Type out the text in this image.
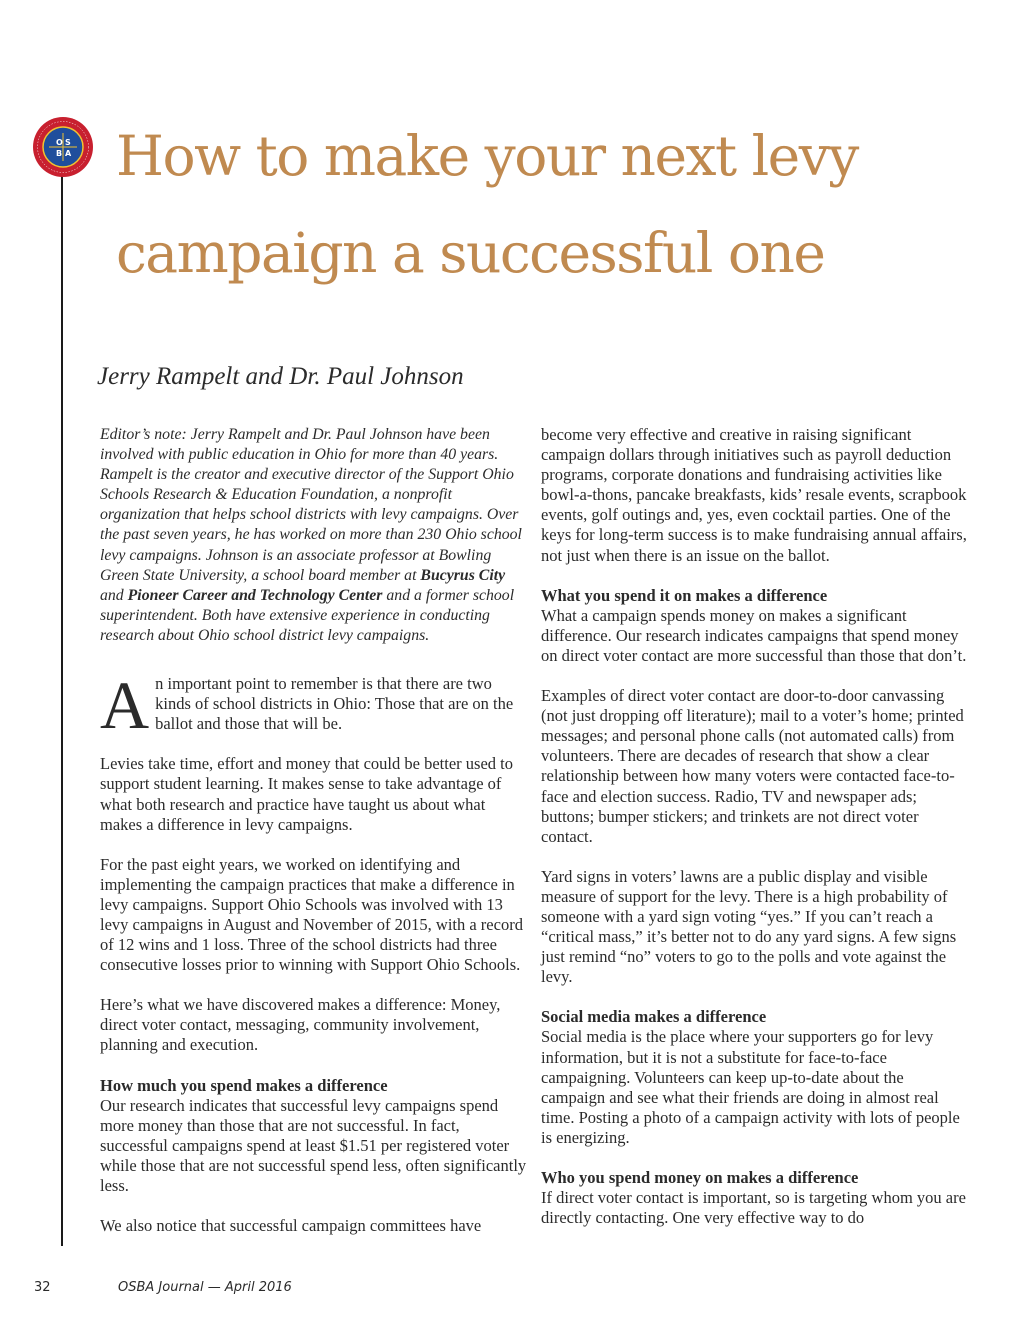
O S
B A How to make your next levy campaign a successful one

Jerry Rampelt and Dr. Paul Johnson

Editor’s note: Jerry Rampelt and Dr. Paul Johnson have been involved with public education in Ohio for more than 40 years. Rampelt is the creator and executive director of the Support Ohio Schools Research & Education Foundation, a nonprofit organization that helps school districts with levy campaigns. Over the past seven years, he has worked on more than 230 Ohio school levy campaigns. Johnson is an associate professor at Bowling Green State University, a school board member at Bucyrus City and Pioneer Career and Technology Center and a former school superintendent. Both have extensive experience in conducting research about Ohio school district levy campaigns.

An important point to remember is that there are two kinds of school districts in Ohio: Those that are on the ballot and those that will be.

Levies take time, effort and money that could be better used to support student learning. It makes sense to take advantage of what both research and practice have taught us about what makes a difference in levy campaigns.

For the past eight years, we worked on identifying and implementing the campaign practices that make a difference in levy campaigns. Support Ohio Schools was involved with 13 levy campaigns in August and November of 2015, with a record of 12 wins and 1 loss. Three of the school districts had three consecutive losses prior to winning with Support Ohio Schools.

Here’s what we have discovered makes a difference: Money, direct voter contact, messaging, community involvement, planning and execution.

How much you spend makes a difference

Our research indicates that successful levy campaigns spend more money than those that are not successful. In fact, successful campaigns spend at least $1.51 per registered voter while those that are not successful spend less, often significantly less.

We also notice that successful campaign committees have

become very effective and creative in raising significant campaign dollars through initiatives such as payroll deduction programs, corporate donations and fundraising activities like bowl-a-thons, pancake breakfasts, kids’ resale events, scrapbook events, golf outings and, yes, even cocktail parties. One of the keys for long-term success is to make fundraising annual affairs, not just when there is an issue on the ballot.

What you spend it on makes a difference

What a campaign spends money on makes a significant difference. Our research indicates campaigns that spend money on direct voter contact are more successful than those that don’t.

Examples of direct voter contact are door-to-door canvassing (not just dropping off literature); mail to a voter’s home; printed messages; and personal phone calls (not automated calls) from volunteers. There are decades of research that show a clear relationship between how many voters were contacted face-to-face and election success. Radio, TV and newspaper ads; buttons; bumper stickers; and trinkets are not direct voter contact.

Yard signs in voters’ lawns are a public display and visible measure of support for the levy. There is a high probability of someone with a yard sign voting “yes.” If you can’t reach a “critical mass,” it’s better not to do any yard signs. A few signs just remind “no” voters to go to the polls and vote against the levy.

Social media makes a difference

Social media is the place where your supporters go for levy information, but it is not a substitute for face-to-face campaigning. Volunteers can keep up-to-date about the campaign and see what their friends are doing in almost real time. Posting a photo of a campaign activity with lots of people is energizing.

Who you spend money on makes a difference

If direct voter contact is important, so is targeting whom you are directly contacting. One very effective way to do

32	OSBA Journal — April 2016
